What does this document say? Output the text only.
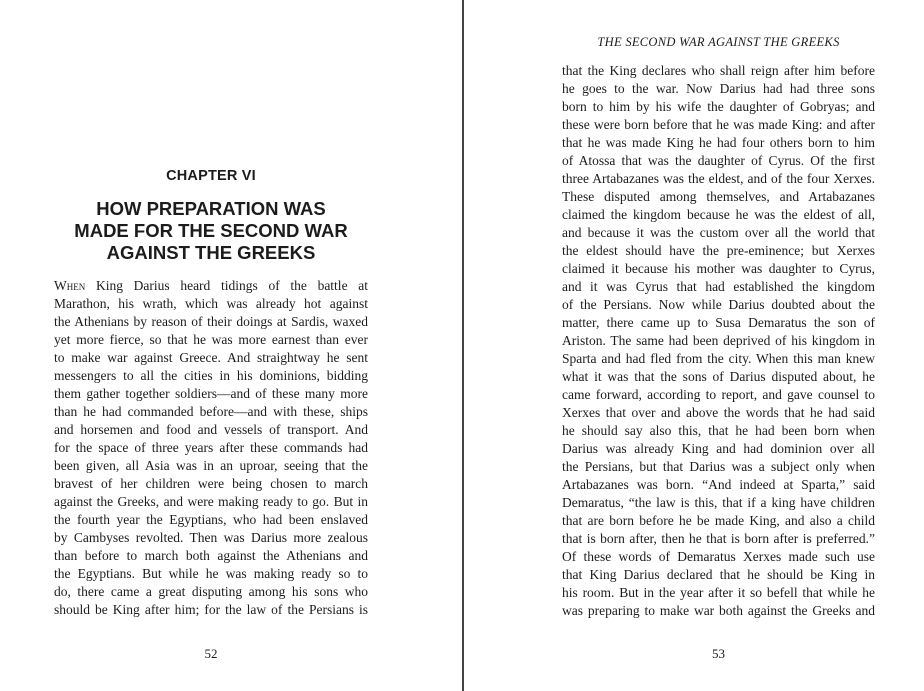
CHAPTER VI
HOW PREPARATION WAS
MADE FOR THE SECOND WAR
AGAINST THE GREEKS
When King Darius heard tidings of the battle at
Marathon, his wrath, which was already hot against
the Athenians by reason of their doings at Sardis, waxed
yet more fierce, so that he was more earnest than ever
to make war against Greece. And straightway he sent
messengers to all the cities in his dominions, bidding
them gather together soldiers—and of these many more
than he had commanded before—and with these, ships
and horsemen and food and vessels of transport. And
for the space of three years after these commands had
been given, all Asia was in an uproar, seeing that the
bravest of her children were being chosen to march
against the Greeks, and were making ready to go. But in
the fourth year the Egyptians, who had been enslaved
by Cambyses revolted. Then was Darius more zealous
than before to march both against the Athenians and
the Egyptians. But while he was making ready so to
do, there came a great disputing among his sons who
should be King after him; for the law of the Persians is
52
THE SECOND WAR AGAINST THE GREEKS
that the King declares who shall reign after him before
he goes to the war. Now Darius had had three sons
born to him by his wife the daughter of Gobryas; and
these were born before that he was made King: and after
that he was made King he had four others born to him
of Atossa that was the daughter of Cyrus. Of the first
three Artabazanes was the eldest, and of the four Xerxes.
These disputed among themselves, and Artabazanes
claimed the kingdom because he was the eldest of all,
and because it was the custom over all the world that
the eldest should have the pre-eminence; but Xerxes
claimed it because his mother was daughter to Cyrus,
and it was Cyrus that had established the kingdom
of the Persians. Now while Darius doubted about the
matter, there came up to Susa Demaratus the son of
Ariston. The same had been deprived of his kingdom in
Sparta and had fled from the city. When this man knew
what it was that the sons of Darius disputed about, he
came forward, according to report, and gave counsel to
Xerxes that over and above the words that he had said
he should say also this, that he had been born when
Darius was already King and had dominion over all
the Persians, but that Darius was a subject only when
Artabazanes was born. “And indeed at Sparta,” said
Demaratus, “the law is this, that if a king have children
that are born before he be made King, and also a child
that is born after, then he that is born after is preferred.”
Of these words of Demaratus Xerxes made such use
that King Darius declared that he should be King in
his room. But in the year after it so befell that while he
was preparing to make war both against the Greeks and
53
